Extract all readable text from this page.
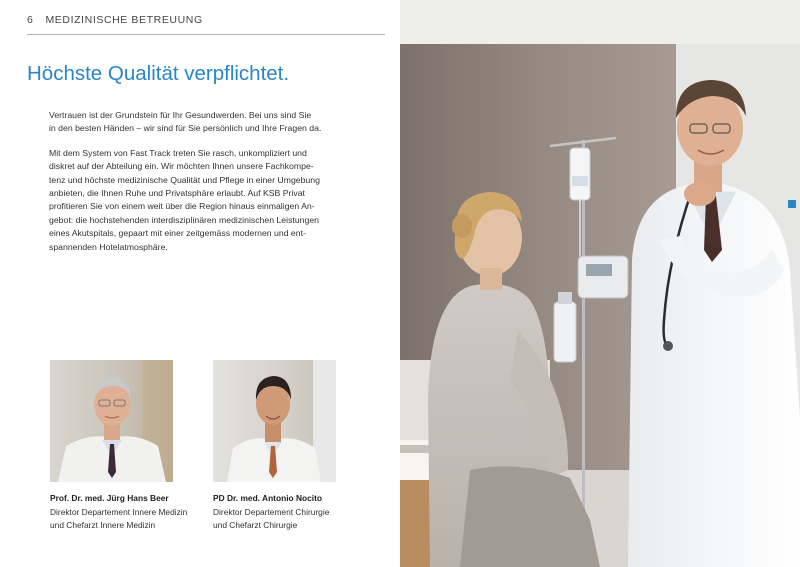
6 MEDIZINISCHE BETREUUNG
Höchste Qualität verpflichtet.

Vertrauen ist der Grundstein für Ihr Gesundwerden. Bei uns sind Sie
in den besten Händen – wir sind für Sie persönlich und Ihre Fragen da.

Mit dem System von Fast Track treten Sie rasch, unkompliziert und
diskret auf der Abteilung ein. Wir möchten Ihnen unsere Fachkompe-
tenz und höchste medizinische Qualität und Pflege in einer Umgebung
anbieten, die Ihnen Ruhe und Privatsphäre erlaubt. Auf KSB Privat
profitieren Sie von einem weit über die Region hinaus einmaligen An-
gebot: die hochstehenden interdisziplinären medizinischen Leistungen
eines Akutspitals, gepaart mit einer zeitgemäss modernen und ent-
spannenden Hotelatmosphäre.

Prof. Dr. med. Jürg Hans Beer
Direktor Departement Innere Medizin
und Chefarzt Innere Medizin
PD Dr. med. Antonio Nocito
Direktor Departement Chirurgie
und Chefarzt Chirurgie
